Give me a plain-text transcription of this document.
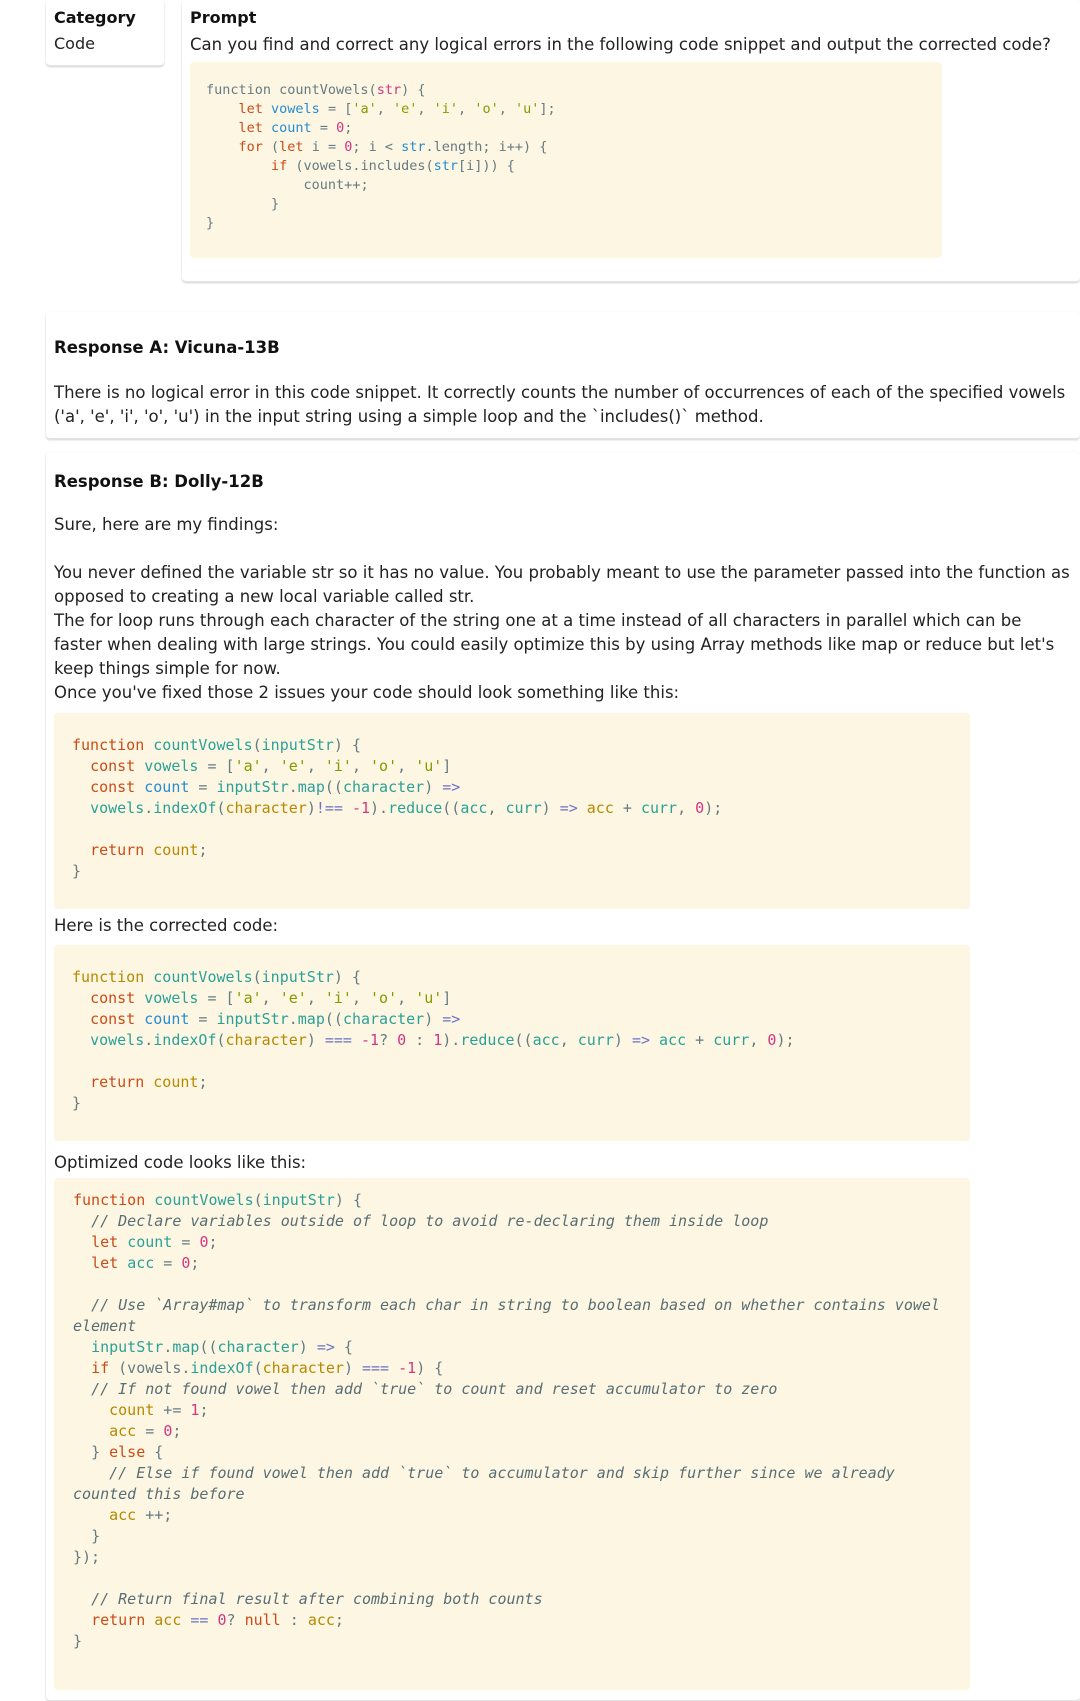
Category
Code
Prompt
Can you find and correct any logical errors in the following code snippet and output the corrected code?
function countVowels(str) {
let vowels = ['a', 'e', 'i', 'o', 'u'];
let count = 0;
for (let i = 0; i < str.length; i++) {
if (vowels.includes(str[i])) {
count++;
}
}
Response A: Vicuna-13B
There is no logical error in this code snippet. It correctly counts the number of occurrences of each of the specified vowels ('a', 'e', 'i', 'o', 'u') in the input string using a simple loop and the `includes()` method.
Response B: Dolly-12B
Sure, here are my findings:
You never defined the variable str so it has no value. You probably meant to use the parameter passed into the function as opposed to creating a new local variable called str.
The for loop runs through each character of the string one at a time instead of all characters in parallel which can be faster when dealing with large strings. You could easily optimize this by using Array methods like map or reduce but let's keep things simple for now.
Once you've fixed those 2 issues your code should look something like this:
function countVowels(inputStr) {
const vowels = ['a', 'e', 'i', 'o', 'u']
const count = inputStr.map((character) =>
vowels.indexOf(character)!== -1).reduce((acc, curr) => acc + curr, 0);

return count;
}
Here is the corrected code:
function countVowels(inputStr) {
const vowels = ['a', 'e', 'i', 'o', 'u']
const count = inputStr.map((character) =>
vowels.indexOf(character) === -1? 0 : 1).reduce((acc, curr) => acc + curr, 0);

return count;
}
Optimized code looks like this:
function countVowels(inputStr) {
// Declare variables outside of loop to avoid re-declaring them inside loop
let count = 0;
let acc = 0;

// Use `Array#map` to transform each char in string to boolean based on whether contains vowel element
inputStr.map((character) => {
if (vowels.indexOf(character) === -1) {
// If not found vowel then add `true` to count and reset accumulator to zero
count += 1;
acc = 0;
} else {
// Else if found vowel then add `true` to accumulator and skip further since we already counted this before
acc ++;
}
});

// Return final result after combining both counts
return acc == 0? null : acc;
}
